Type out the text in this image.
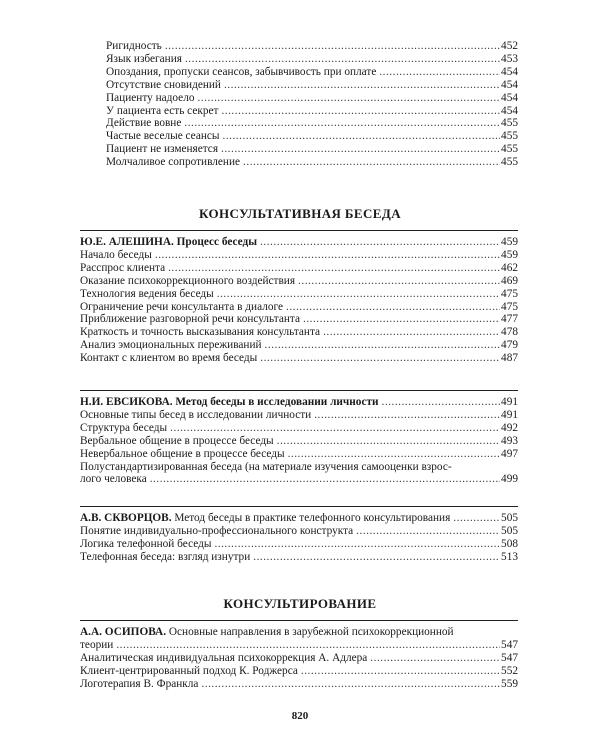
Ригидность .....	452
Язык избегания .....	453
Опоздания, пропуски сеансов, забывчивость при оплате .....	454
Отсутствие сновидений .....	454
Пациенту надоело .....	454
У пациента есть секрет .....	454
Действие вовне .....	455
Частые веселые сеансы .....	455
Пациент не изменяется .....	455
Молчаливое сопротивление .....	455
КОНСУЛЬТАТИВНАЯ БЕСЕДА
Ю.Е. АЛЕШИНА. Процесс беседы .....	459
Начало беседы .....	459
Расспрос клиента .....	462
Оказание психокоррекционного воздействия .....	469
Технология ведения беседы .....	475
Ограничение речи консультанта в диалоге .....	475
Приближение разговорной речи консультанта .....	477
Краткость и точность высказывания консультанта .....	478
Анализ эмоциональных переживаний .....	479
Контакт с клиентом во время беседы .....	487
Н.И. ЕВСИКОВА. Метод беседы в исследовании личности .....	491
Основные типы бесед в исследовании личности .....	491
Структура беседы .....	492
Вербальное общение в процессе беседы .....	493
Невербальное общение в процессе беседы .....	497
Полустандартизированная беседа (на материале изучения самооценки взрос-
лого человека .....	499
А.В. СКВОРЦОВ. Метод беседы в практике телефонного консультирования .....	505
Понятие индивидуально-профессионального конструкта .....	505
Логика телефонной беседы .....	508
Телефонная беседа: взгляд изнутри .....	513
КОНСУЛЬТИРОВАНИЕ
А.А. ОСИПОВА. Основные направления в зарубежной психокоррекционной
теории .....	547
Аналитическая индивидуальная психокоррекция А. Адлера .....	547
Клиент-центрированный подход К. Роджерса .....	552
Логотерапия В. Франкла .....	559
820
